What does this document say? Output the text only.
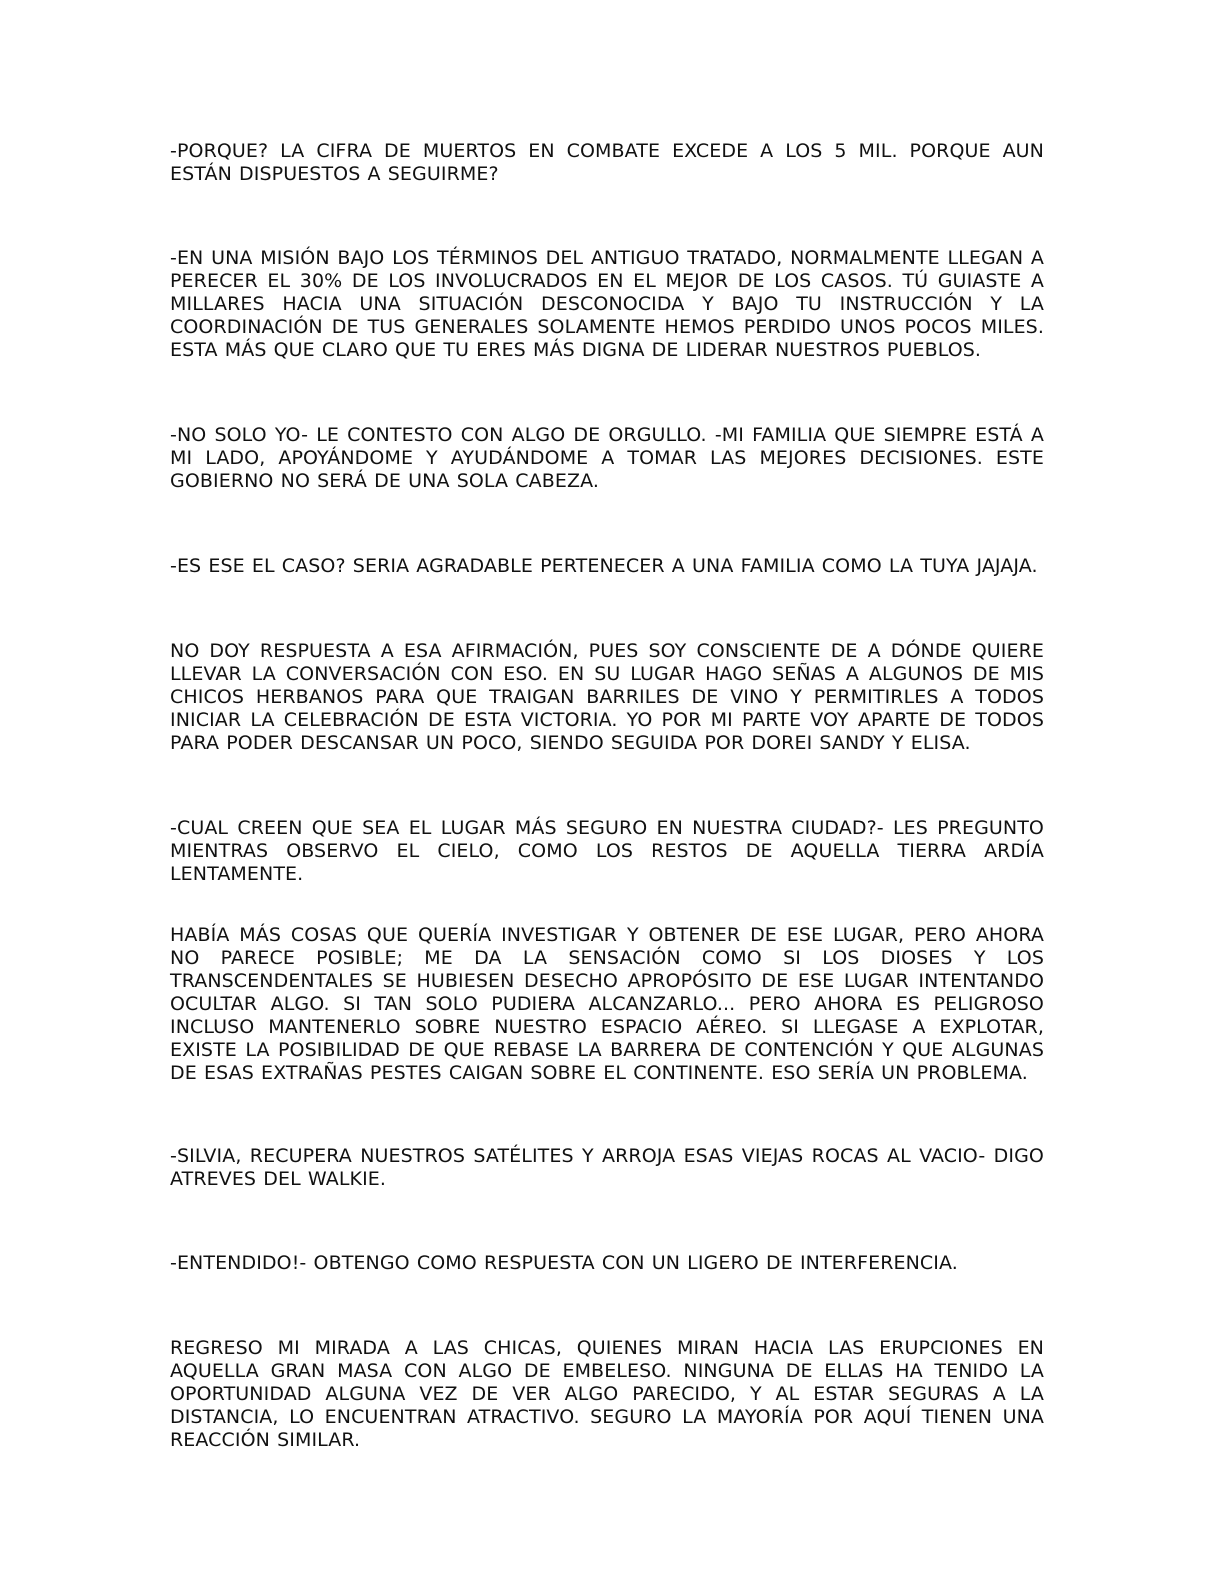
-PORQUE? LA CIFRA DE MUERTOS EN COMBATE EXCEDE A LOS 5 MIL. PORQUE AUN ESTÁN DISPUESTOS A SEGUIRME?

-EN UNA MISIÓN BAJO LOS TÉRMINOS DEL ANTIGUO TRATADO, NORMALMENTE LLEGAN A PERECER EL 30% DE LOS INVOLUCRADOS EN EL MEJOR DE LOS CASOS. TÚ GUIASTE A MILLARES HACIA UNA SITUACIÓN DESCONOCIDA Y BAJO TU INSTRUCCIÓN Y LA COORDINACIÓN DE TUS GENERALES SOLAMENTE HEMOS PERDIDO UNOS POCOS MILES. ESTA MÁS QUE CLARO QUE TU ERES MÁS DIGNA DE LIDERAR NUESTROS PUEBLOS.

-NO SOLO YO- LE CONTESTO CON ALGO DE ORGULLO. -MI FAMILIA QUE SIEMPRE ESTÁ A MI LADO, APOYÁNDOME Y AYUDÁNDOME A TOMAR LAS MEJORES DECISIONES. ESTE GOBIERNO NO SERÁ DE UNA SOLA CABEZA.

-ES ESE EL CASO? SERIA AGRADABLE PERTENECER A UNA FAMILIA COMO LA TUYA JAJAJA.

NO DOY RESPUESTA A ESA AFIRMACIÓN, PUES SOY CONSCIENTE DE A DÓNDE QUIERE LLEVAR LA CONVERSACIÓN CON ESO. EN SU LUGAR HAGO SEÑAS A ALGUNOS DE MIS CHICOS HERBANOS PARA QUE TRAIGAN BARRILES DE VINO Y PERMITIRLES A TODOS INICIAR LA CELEBRACIÓN DE ESTA VICTORIA. YO POR MI PARTE VOY APARTE DE TODOS PARA PODER DESCANSAR UN POCO, SIENDO SEGUIDA POR DOREI SANDY Y ELISA.

-CUAL CREEN QUE SEA EL LUGAR MÁS SEGURO EN NUESTRA CIUDAD?- LES PREGUNTO MIENTRAS OBSERVO EL CIELO, COMO LOS RESTOS DE AQUELLA TIERRA ARDÍA LENTAMENTE.

HABÍA MÁS COSAS QUE QUERÍA INVESTIGAR Y OBTENER DE ESE LUGAR, PERO AHORA NO PARECE POSIBLE; ME DA LA SENSACIÓN COMO SI LOS DIOSES Y LOS TRANSCENDENTALES SE HUBIESEN DESECHO APROPÓSITO DE ESE LUGAR INTENTANDO OCULTAR ALGO. SI TAN SOLO PUDIERA ALCANZARLO... PERO AHORA ES PELIGROSO INCLUSO MANTENERLO SOBRE NUESTRO ESPACIO AÉREO. SI LLEGASE A EXPLOTAR, EXISTE LA POSIBILIDAD DE QUE REBASE LA BARRERA DE CONTENCIÓN Y QUE ALGUNAS DE ESAS EXTRAÑAS PESTES CAIGAN SOBRE EL CONTINENTE. ESO SERÍA UN PROBLEMA.

-SILVIA, RECUPERA NUESTROS SATÉLITES Y ARROJA ESAS VIEJAS ROCAS AL VACIO- DIGO ATREVES DEL WALKIE.

-ENTENDIDO!- OBTENGO COMO RESPUESTA CON UN LIGERO DE INTERFERENCIA.

REGRESO MI MIRADA A LAS CHICAS, QUIENES MIRAN HACIA LAS ERUPCIONES EN AQUELLA GRAN MASA CON ALGO DE EMBELESO. NINGUNA DE ELLAS HA TENIDO LA OPORTUNIDAD ALGUNA VEZ DE VER ALGO PARECIDO, Y AL ESTAR SEGURAS A LA DISTANCIA, LO ENCUENTRAN ATRACTIVO. SEGURO LA MAYORÍA POR AQUÍ TIENEN UNA REACCIÓN SIMILAR.
